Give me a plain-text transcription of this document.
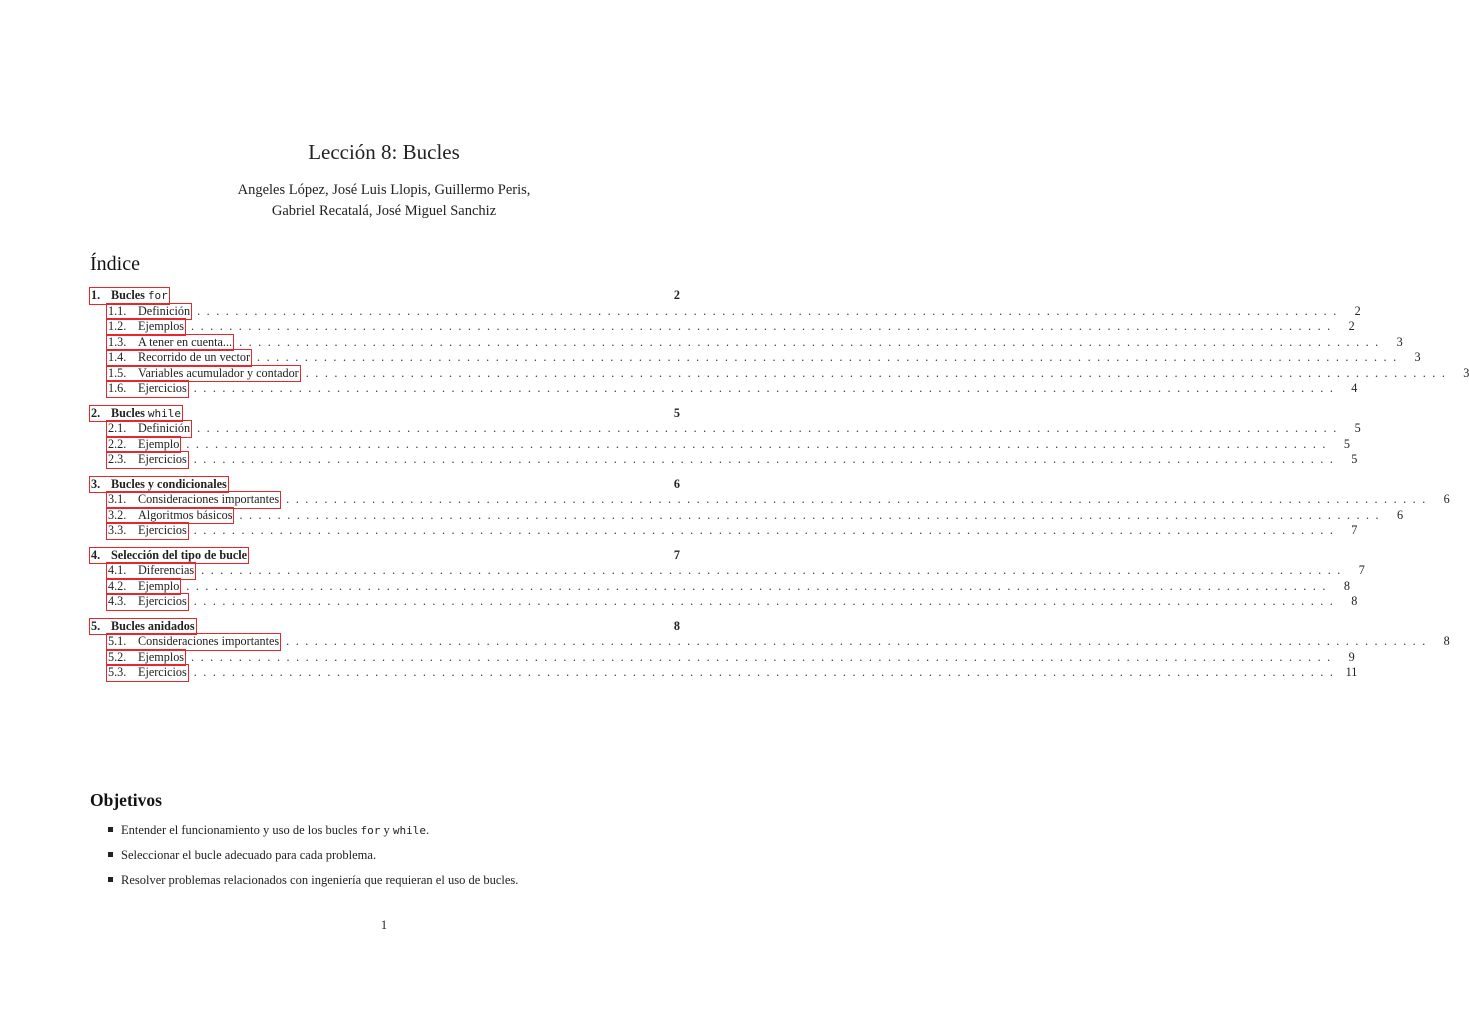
Lección 8: Bucles
Angeles López, José Luis Llopis, Guillermo Peris,
Gabriel Recatalá, José Miguel Sanchiz
Índice
1. Bucles for	2
1.1. Definición ........................................................................................................................ 2
1.2. Ejemplos ........................................................................................................................ 2
1.3. A tener en cuenta... ........................................................................................................................ 3
1.4. Recorrido de un vector ........................................................................................................................ 3
1.5. Variables acumulador y contador ........................................................................................................................ 3
1.6. Ejercicios ........................................................................................................................ 4
2. Bucles while	5
2.1. Definición ........................................................................................................................ 5
2.2. Ejemplo ........................................................................................................................ 5
2.3. Ejercicios ........................................................................................................................ 5
3. Bucles y condicionales	6
3.1. Consideraciones importantes ........................................................................................................................ 6
3.2. Algoritmos básicos ........................................................................................................................ 6
3.3. Ejercicios ........................................................................................................................ 7
4. Selección del tipo de bucle	7
4.1. Diferencias ........................................................................................................................ 7
4.2. Ejemplo ........................................................................................................................ 8
4.3. Ejercicios ........................................................................................................................ 8
5. Bucles anidados	8
5.1. Consideraciones importantes ........................................................................................................................ 8
5.2. Ejemplos ........................................................................................................................ 9
5.3. Ejercicios ........................................................................................................................ 11
Objetivos
Entender el funcionamiento y uso de los bucles for y while.
Seleccionar el bucle adecuado para cada problema.
Resolver problemas relacionados con ingeniería que requieran el uso de bucles.
1
